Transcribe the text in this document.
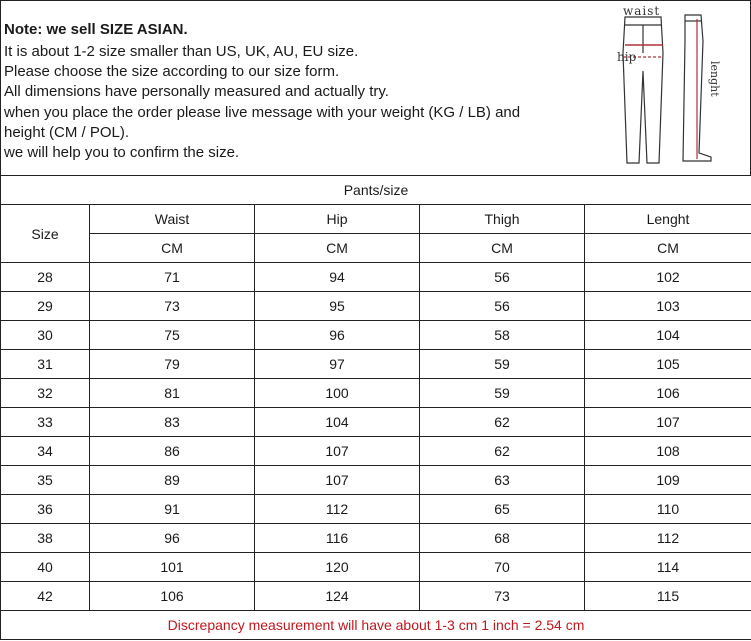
Note: we sell SIZE ASIAN.
It is about 1-2 size smaller than US, UK, AU, EU size.
Please choose the size according to our size form.
All dimensions have personally measured and actually try.
when you place the order please live message with your weight (KG / LB) and
height (CM / POL).
we will help you to confirm the size.
waist
hip
lenght
Pants/size				
Size	Waist	Hip	Thigh	Lenght
	CM	CM	CM	CM
28	71	94	56	102
29	73	95	56	103
30	75	96	58	104
31	79	97	59	105
32	81	100	59	106
33	83	104	62	107
34	86	107	62	108
35	89	107	63	109
36	91	112	65	110
38	96	116	68	112
40	101	120	70	114
42	106	124	73	115
Discrepancy measurement will have about 1-3 cm 1 inch = 2.54 cm				
